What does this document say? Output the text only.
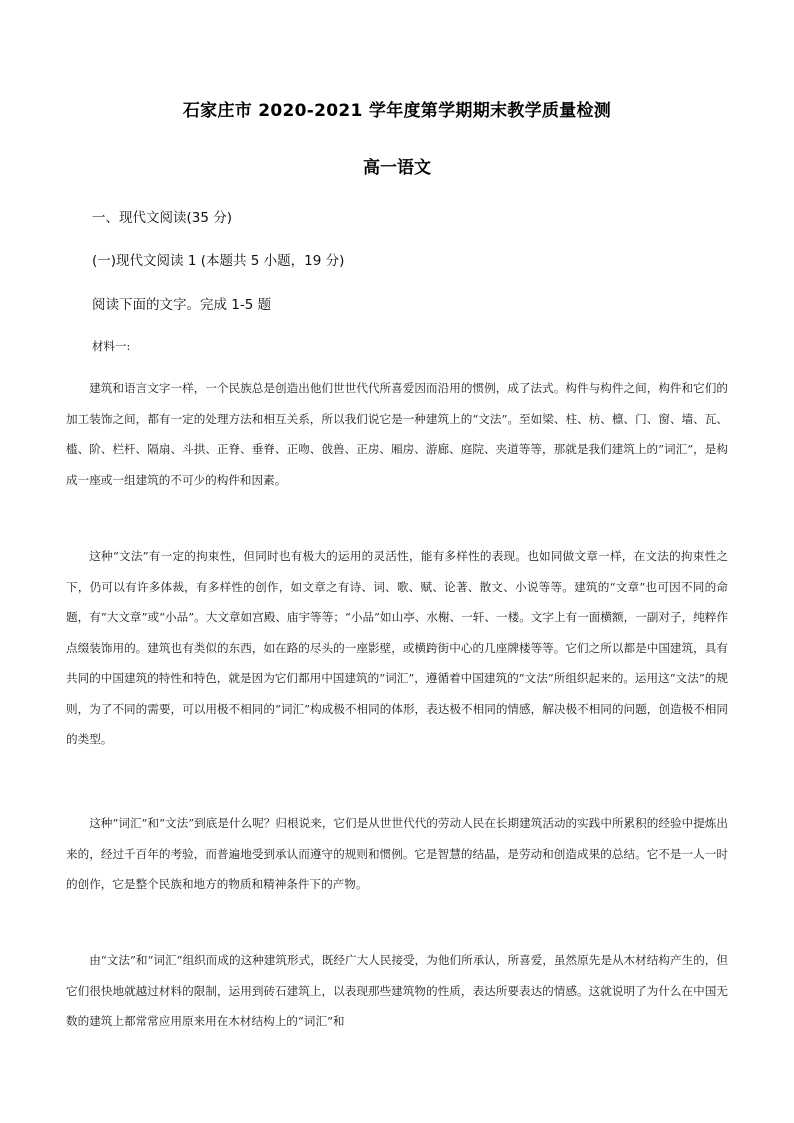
石家庄市 2020-2021 学年度第学期期末教学质量检测
高一语文
一、现代文阅读(35 分)
(一)现代文阅读 1 (本题共 5 小题，19 分)
阅读下面的文字。完成 1-5 题
材料一:

建筑和语言文字一样，一个民族总是创造出他们世世代代所喜爱因而沿用的惯例，成了法式。构件与构件之间，构件和它们的加工装饰之间，都有一定的处理方法和相互关系，所以我们说它是一种建筑上的“文法”。至如梁、柱、枋、檩、门、窗、墙、瓦、槛、阶、栏杆、隔扇、斗拱、正脊、垂脊、正吻、戗兽、正房、厢房、游廊、庭院、夹道等等，那就是我们建筑上的“词汇”，是构成一座或一组建筑的不可少的构件和因素。

这种“文法”有一定的拘束性，但同时也有极大的运用的灵活性，能有多样性的表现。也如同做文章一样，在文法的拘束性之下，仍可以有许多体裁，有多样性的创作，如文章之有诗、词、歌、赋、论著、散文、小说等等。建筑的“文章”也可因不同的命题，有“大文章”或“小品”。大文章如宫殿、庙宇等等；“小品”如山亭、水榭、一轩、一楼。文字上有一面横额，一副对子，纯粹作点缀装饰用的。建筑也有类似的东西，如在路的尽头的一座影壁，或横跨街中心的几座牌楼等等。它们之所以都是中国建筑，具有共同的中国建筑的特性和特色，就是因为它们都用中国建筑的“词汇”，遵循着中国建筑的“文法”所组织起来的。运用这“文法”的规则，为了不同的需要，可以用极不相同的“词汇”构成极不相同的体形，表达极不相同的情感，解决极不相同的问题，创造极不相同的类型。

这种“词汇”和“文法”到底是什么呢？归根说来，它们是从世世代代的劳动人民在长期建筑活动的实践中所累积的经验中提炼出来的，经过千百年的考验，而普遍地受到承认而遵守的规则和惯例。它是智慧的结晶，是劳动和创造成果的总结。它不是一人一时的创作，它是整个民族和地方的物质和精神条件下的产物。

由“文法”和“词汇”组织而成的这种建筑形式，既经广大人民接受，为他们所承认，所喜爱，虽然原先是从木材结构产生的，但它们很快地就越过材料的限制，运用到砖石建筑上，以表现那些建筑物的性质，表达所要表达的情感。这就说明了为什么在中国无数的建筑上都常常应用原来用在木材结构上的“词汇”和
